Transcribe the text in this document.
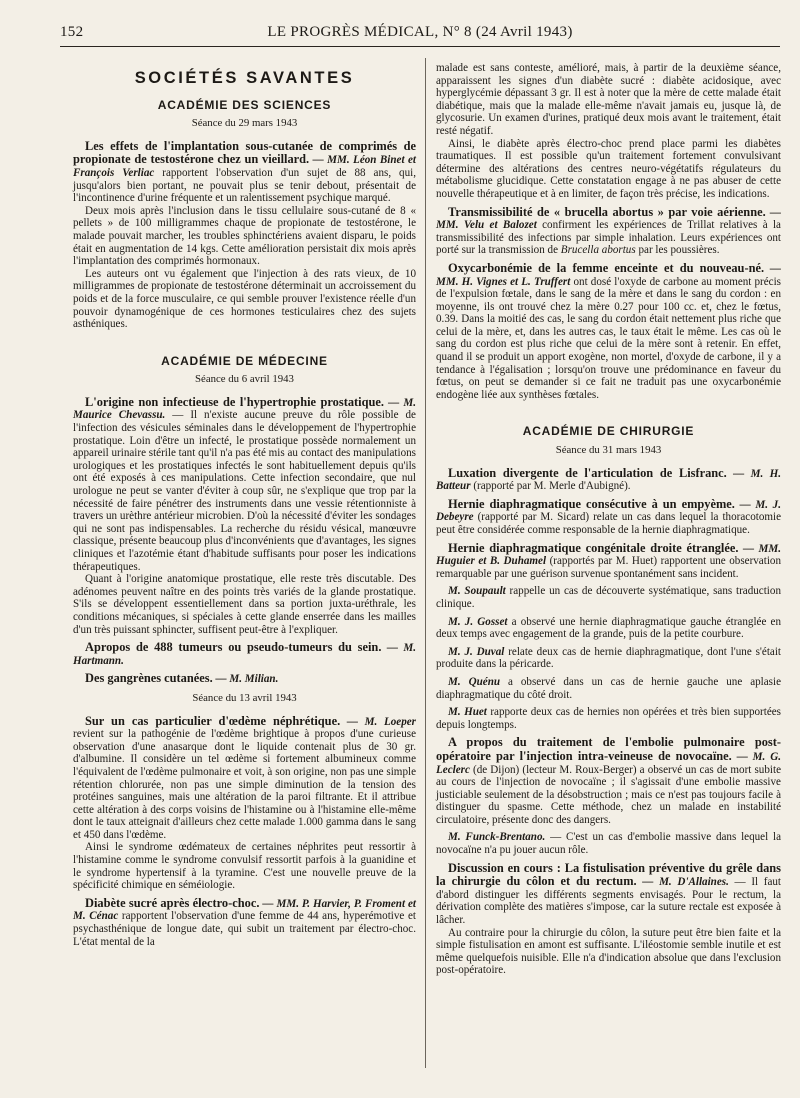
152	LE PROGRÈS MÉDICAL, N° 8 (24 Avril 1943)
SOCIÉTÉS SAVANTES
ACADÉMIE DES SCIENCES
Séance du 29 mars 1943

Les effets de l'implantation sous-cutanée de comprimés de propionate de testostérone chez un vieillard. — MM. Léon Binet et François Verliac rapportent l'observation d'un sujet de 88 ans, qui, jusqu'alors bien portant, ne pouvait plus se tenir debout, présentait de l'incontinence d'urine fréquente et un ralentissement psychique marqué.

Deux mois après l'inclusion dans le tissu cellulaire sous-cutané de 8 « pellets » de 100 milligrammes chaque de propionate de testostérone, le malade pouvait marcher, les troubles sphinctériens avaient disparu, le poids était en augmentation de 14 kgs. Cette amélioration persistait dix mois après l'implantation des comprimés hormonaux.

Les auteurs ont vu également que l'injection à des rats vieux, de 10 milligrammes de propionate de testostérone déterminait un accroissement du poids et de la force musculaire, ce qui semble prouver l'existence réelle d'un pouvoir dynamogénique de ces hormones testiculaires chez des sujets asthéniques.

ACADÉMIE DE MÉDECINE
Séance du 6 avril 1943

L'origine non infectieuse de l'hypertrophie prostatique. — M. Maurice Chevassu. — Il n'existe aucune preuve du rôle possible de l'infection des vésicules séminales dans le développement de l'hypertrophie prostatique. Loin d'être un infecté, le prostatique possède normalement un appareil urinaire stérile tant qu'il n'a pas été mis au contact des manipulations urologiques et les prostatiques infectés le sont habituellement depuis qu'ils ont été exposés à ces manipulations. Cette infection secondaire, que nul urologue ne peut se vanter d'éviter à coup sûr, ne s'explique que trop par la nécessité de faire pénétrer des instruments dans une vessie rétentionniste à travers un urèthre antérieur microbien. D'où la nécessité d'éviter les sondages qui ne sont pas indispensables. La recherche du résidu vésical, manœuvre classique, présente beaucoup plus d'inconvénients que d'avantages, les signes cliniques et l'azotémie étant d'habitude suffisants pour poser les indications thérapeutiques.

Quant à l'origine anatomique prostatique, elle reste très discutable. Des adénomes peuvent naître en des points très variés de la glande prostatique. S'ils se développent essentiellement dans sa portion juxta-uréthrale, les conditions mécaniques, si spéciales à cette glande enserrée dans les mailles d'un très puissant sphincter, suffisent peut-être à l'expliquer.

Apropos de 488 tumeurs ou pseudo-tumeurs du sein. — M. Hartmann.

Des gangrènes cutanées. — M. Milian.

Séance du 13 avril 1943

Sur un cas particulier d'œdème néphrétique. — M. Loeper revient sur la pathogénie de l'œdème brightique à propos d'une curieuse observation d'une anasarque dont le liquide contenait plus de 30 gr. d'albumine. Il considère un tel œdème si fortement albumineux comme l'équivalent de l'œdème pulmonaire et voit, à son origine, non pas une simple rétention chlorurée, non pas une simple diminution de la tension des protéines sanguines, mais une altération de la paroi filtrante. Et il attribue cette altération à des corps voisins de l'histamine ou à l'histamine elle-même dont le taux atteignait d'ailleurs chez cette malade 1.000 gamma dans le sang et 450 dans l'œdème.

Ainsi le syndrome œdémateux de certaines néphrites peut ressortir à l'histamine comme le syndrome convulsif ressortit parfois à la guanidine et le syndrome hypertensif à la tyramine. C'est une nouvelle preuve de la spécificité chimique en séméiologie.

Diabète sucré après électro-choc. — MM. P. Harvier, P. Froment et M. Cénac rapportent l'observation d'une femme de 44 ans, hyperémotive et psychasthénique de longue date, qui subit un traitement par électro-choc. L'état mental de la

malade est sans conteste, amélioré, mais, à partir de la deuxième séance, apparaissent les signes d'un diabète sucré : diabète acidosique, avec hyperglycémie dépassant 3 gr. Il est à noter que la mère de cette malade était diabétique, mais que la malade elle-même n'avait jamais eu, jusque là, de glycosurie. Un examen d'urines, pratiqué deux mois avant le traitement, était resté négatif.

Ainsi, le diabète après électro-choc prend place parmi les diabètes traumatiques. Il est possible qu'un traitement fortement convulsivant détermine des altérations des centres neuro-végétatifs régulateurs du métabolisme glucidique. Cette constatation engage à ne pas abuser de cette nouvelle thérapeutique et à en limiter, de façon très précise, les indications.

Transmissibilité de « brucella abortus » par voie aérienne. — MM. Velu et Balozet confirment les expériences de Trillat relatives à la transmissibilité des infections par simple inhalation. Leurs expériences ont porté sur la transmission de Brucella abortus par les poussières.

Oxycarbonémie de la femme enceinte et du nouveau-né. — MM. H. Vignes et L. Truffert ont dosé l'oxyde de carbone au moment précis de l'expulsion fœtale, dans le sang de la mère et dans le sang du cordon : en moyenne, ils ont trouvé chez la mère 0.27 pour 100 cc. et, chez le fœtus, 0.39. Dans la moitié des cas, le sang du cordon était nettement plus riche que celui de la mère, et, dans les autres cas, le taux était le même. Les cas où le sang du cordon est plus riche que celui de la mère sont à retenir. En effet, quand il se produit un apport exogène, non mortel, d'oxyde de carbone, il y a tendance à l'égalisation ; lorsqu'on trouve une prédominance en faveur du fœtus, on peut se demander si ce fait ne traduit pas une oxycarbonémie endogène liée aux synthèses fœtales.

ACADÉMIE DE CHIRURGIE
Séance du 31 mars 1943

Luxation divergente de l'articulation de Lisfranc. — M. H. Batteur (rapporté par M. Merle d'Aubigné).

Hernie diaphragmatique consécutive à un empyème. — M. J. Debeyre (rapporté par M. Sicard) relate un cas dans lequel la thoracotomie peut être considérée comme responsable de la hernie diaphragmatique.

Hernie diaphragmatique congénitale droite étranglée. — MM. Huguier et B. Duhamel (rapportés par M. Huet) rapportent une observation remarquable par une guérison survenue spontanément sans incident.

M. Soupault rappelle un cas de découverte systématique, sans traduction clinique.

M. J. Gosset a observé une hernie diaphragmatique gauche étranglée en deux temps avec engagement de la grande, puis de la petite courbure.

M. J. Duval relate deux cas de hernie diaphragmatique, dont l'une s'était produite dans la péricarde.

M. Quénu a observé dans un cas de hernie gauche une aplasie diaphragmatique du côté droit.

M. Huet rapporte deux cas de hernies non opérées et très bien supportées depuis longtemps.

A propos du traitement de l'embolie pulmonaire post-opératoire par l'injection intra-veineuse de novocaïne. — M. G. Leclerc (de Dijon) (lecteur M. Roux-Berger) a observé un cas de mort subite au cours de l'injection de novocaïne ; il s'agissait d'une embolie massive justiciable seulement de la désobstruction ; mais ce n'est pas toujours facile à distinguer du spasme. Cette méthode, chez un malade en instabilité circulatoire, présente donc des dangers.

M. Funck-Brentano. — C'est un cas d'embolie massive dans lequel la novocaïne n'a pu jouer aucun rôle.

Discussion en cours : La fistulisation préventive du grêle dans la chirurgie du côlon et du rectum. — M. D'Allaines. — Il faut d'abord distinguer les différents segments envisagés. Pour le rectum, la dérivation complète des matières s'impose, car la suture rectale est exposée à lâcher.

Au contraire pour la chirurgie du côlon, la suture peut être bien faite et la simple fistulisation en amont est suffisante. L'iléostomie semble inutile et est même quelquefois nuisible. Elle n'a d'indication absolue que dans l'exclusion post-opératoire.
